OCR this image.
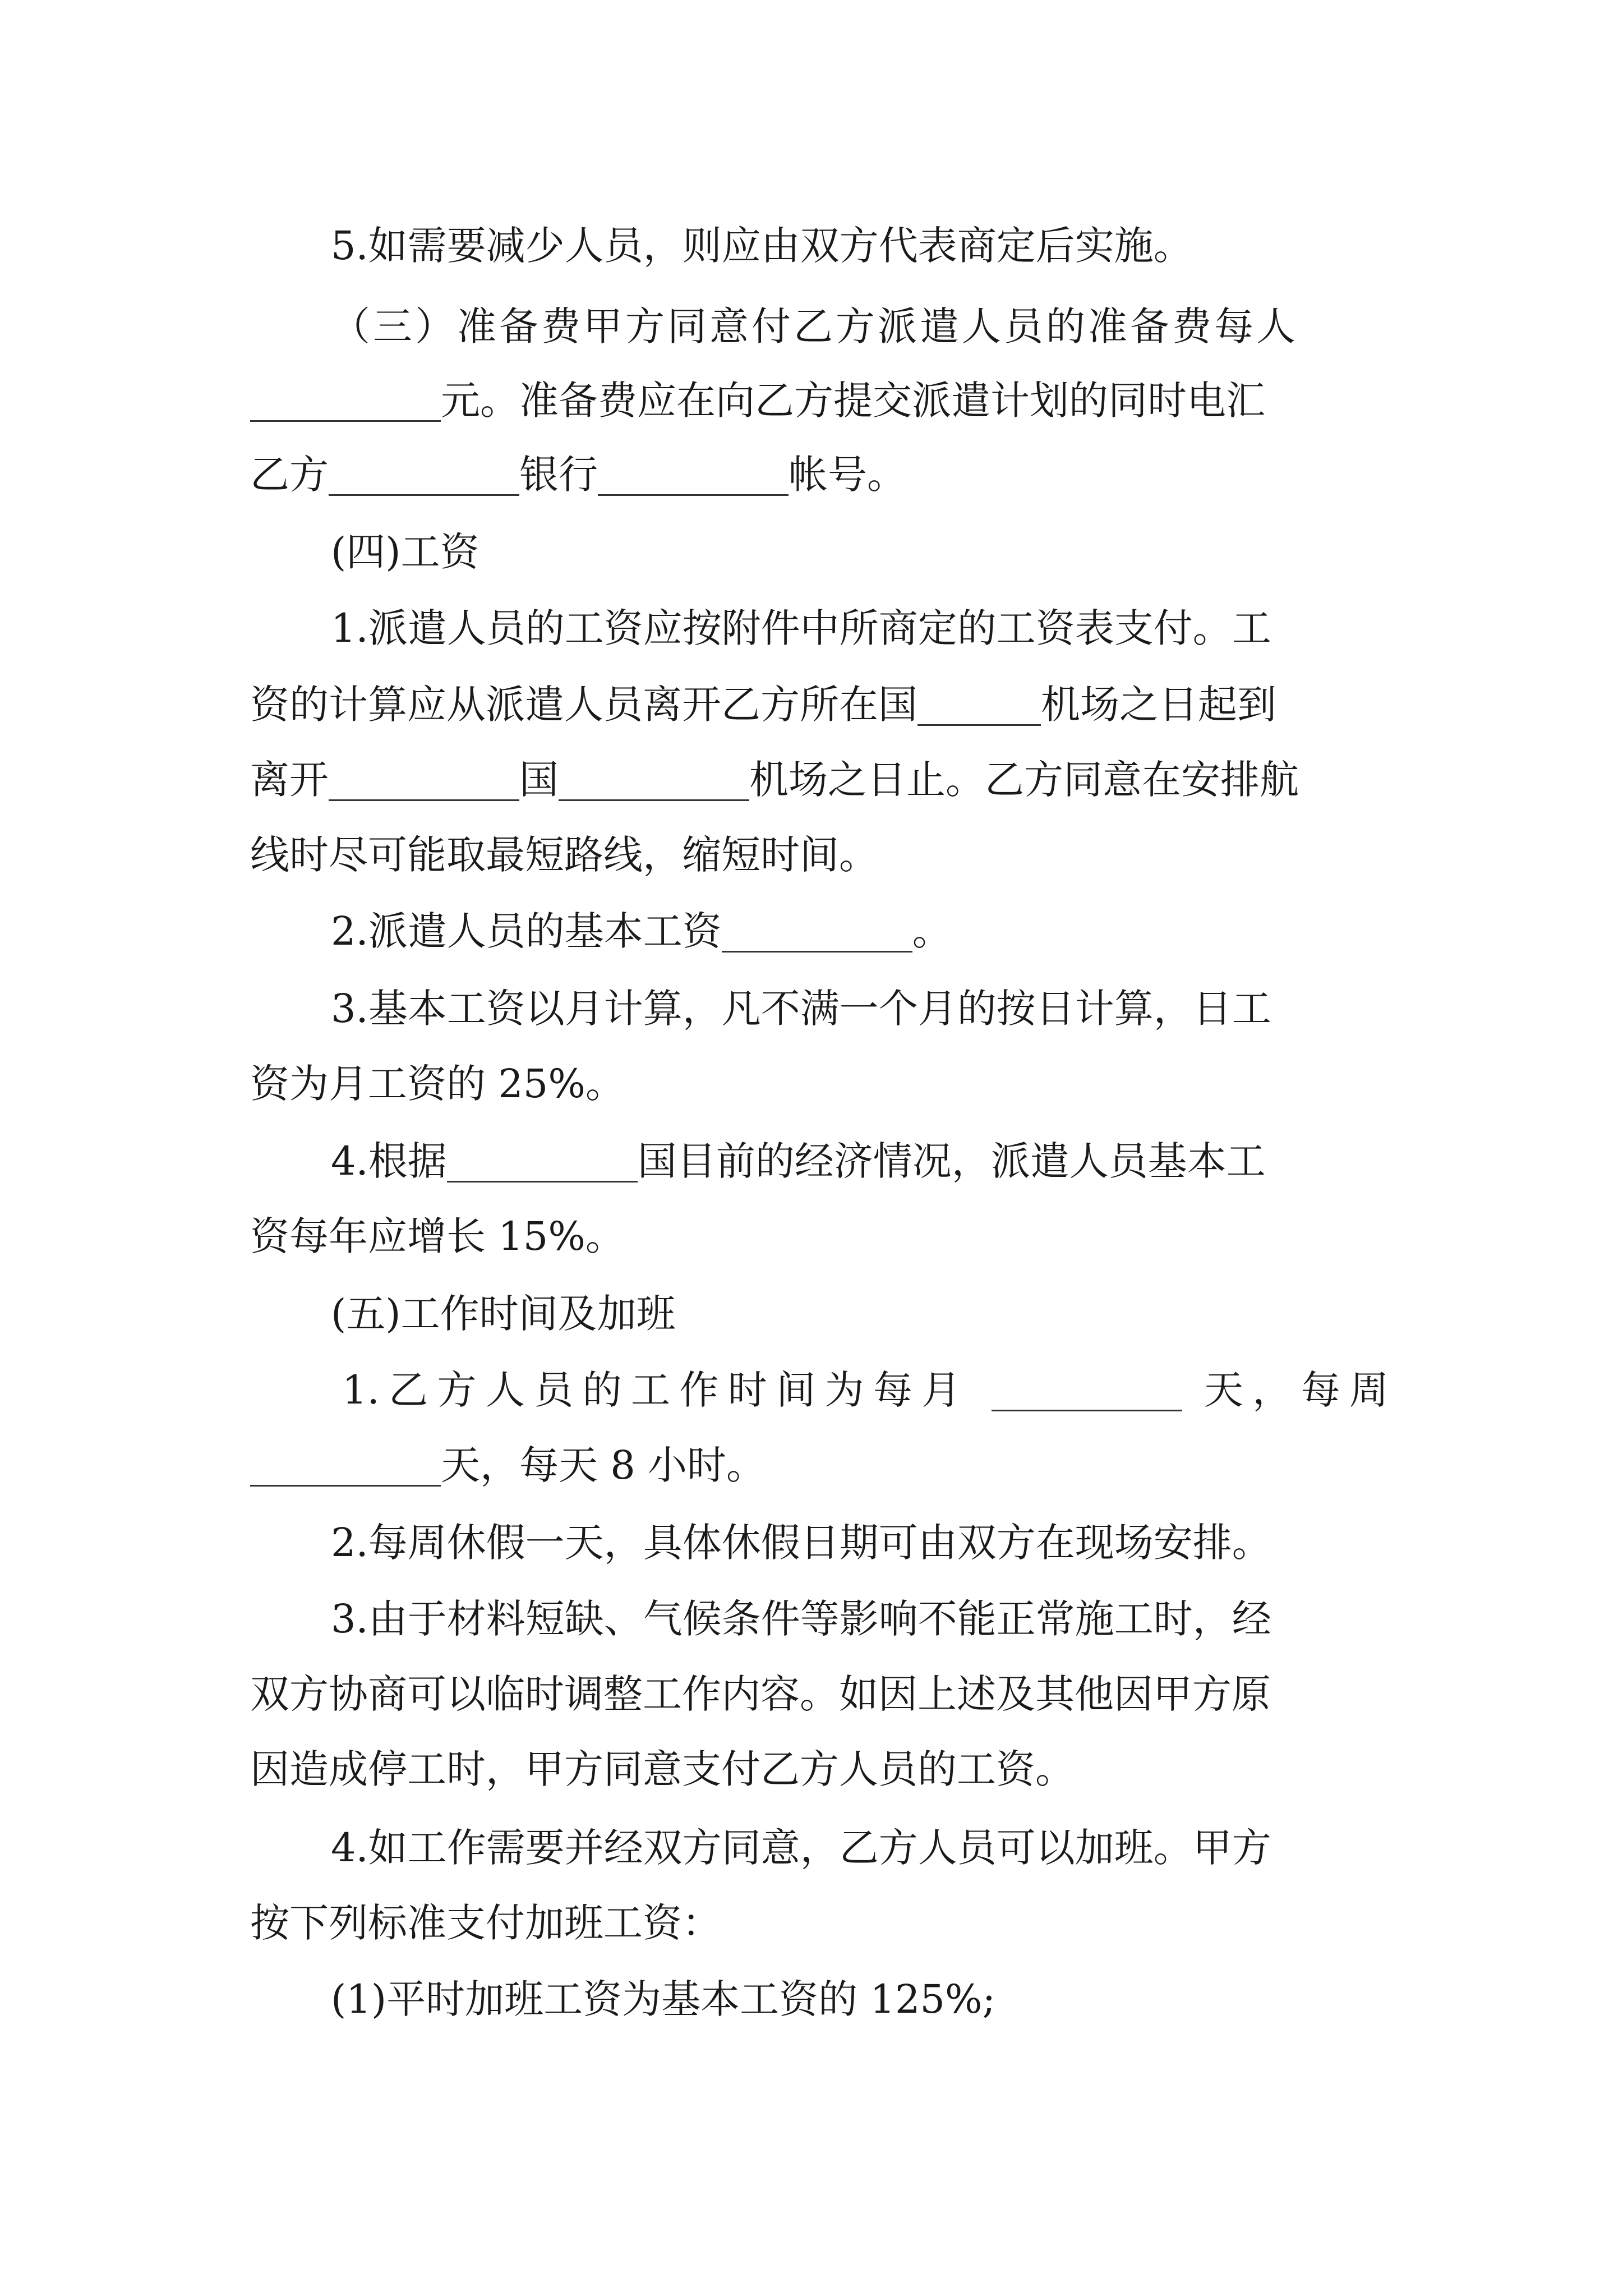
5.如需要减少人员，则应由双方代表商定后实施。
（三）准备费甲方同意付乙方派遣人员的准备费每人
元。准备费应在向乙方提交派遣计划的同时电汇
乙方	银行	帐号。
(四)工资
1.派遣人员的工资应按附件中所商定的工资表支付。工
资的计算应从派遣人员离开乙方所在国	机场之日起到
离开	国	机场之日止。乙方同意在安排航
线时尽可能取最短路线，缩短时间。
2.派遣人员的基本工资	。
3.基本工资以月计算，凡不满一个月的按日计算，日工
资为月工资的 25%。
4.根据	国目前的经济情况，派遣人员基本工
资每年应增长 15%。
(五)工作时间及加班
1.乙方人员的工作时间为每月	天，每周
天，每天 8 小时。
2.每周休假一天，具体休假日期可由双方在现场安排。
3.由于材料短缺、气候条件等影响不能正常施工时，经
双方协商可以临时调整工作内容。如因上述及其他因甲方原
因造成停工时，甲方同意支付乙方人员的工资。
4.如工作需要并经双方同意，乙方人员可以加班。甲方
按下列标准支付加班工资：
(1)平时加班工资为基本工资的 125%;
